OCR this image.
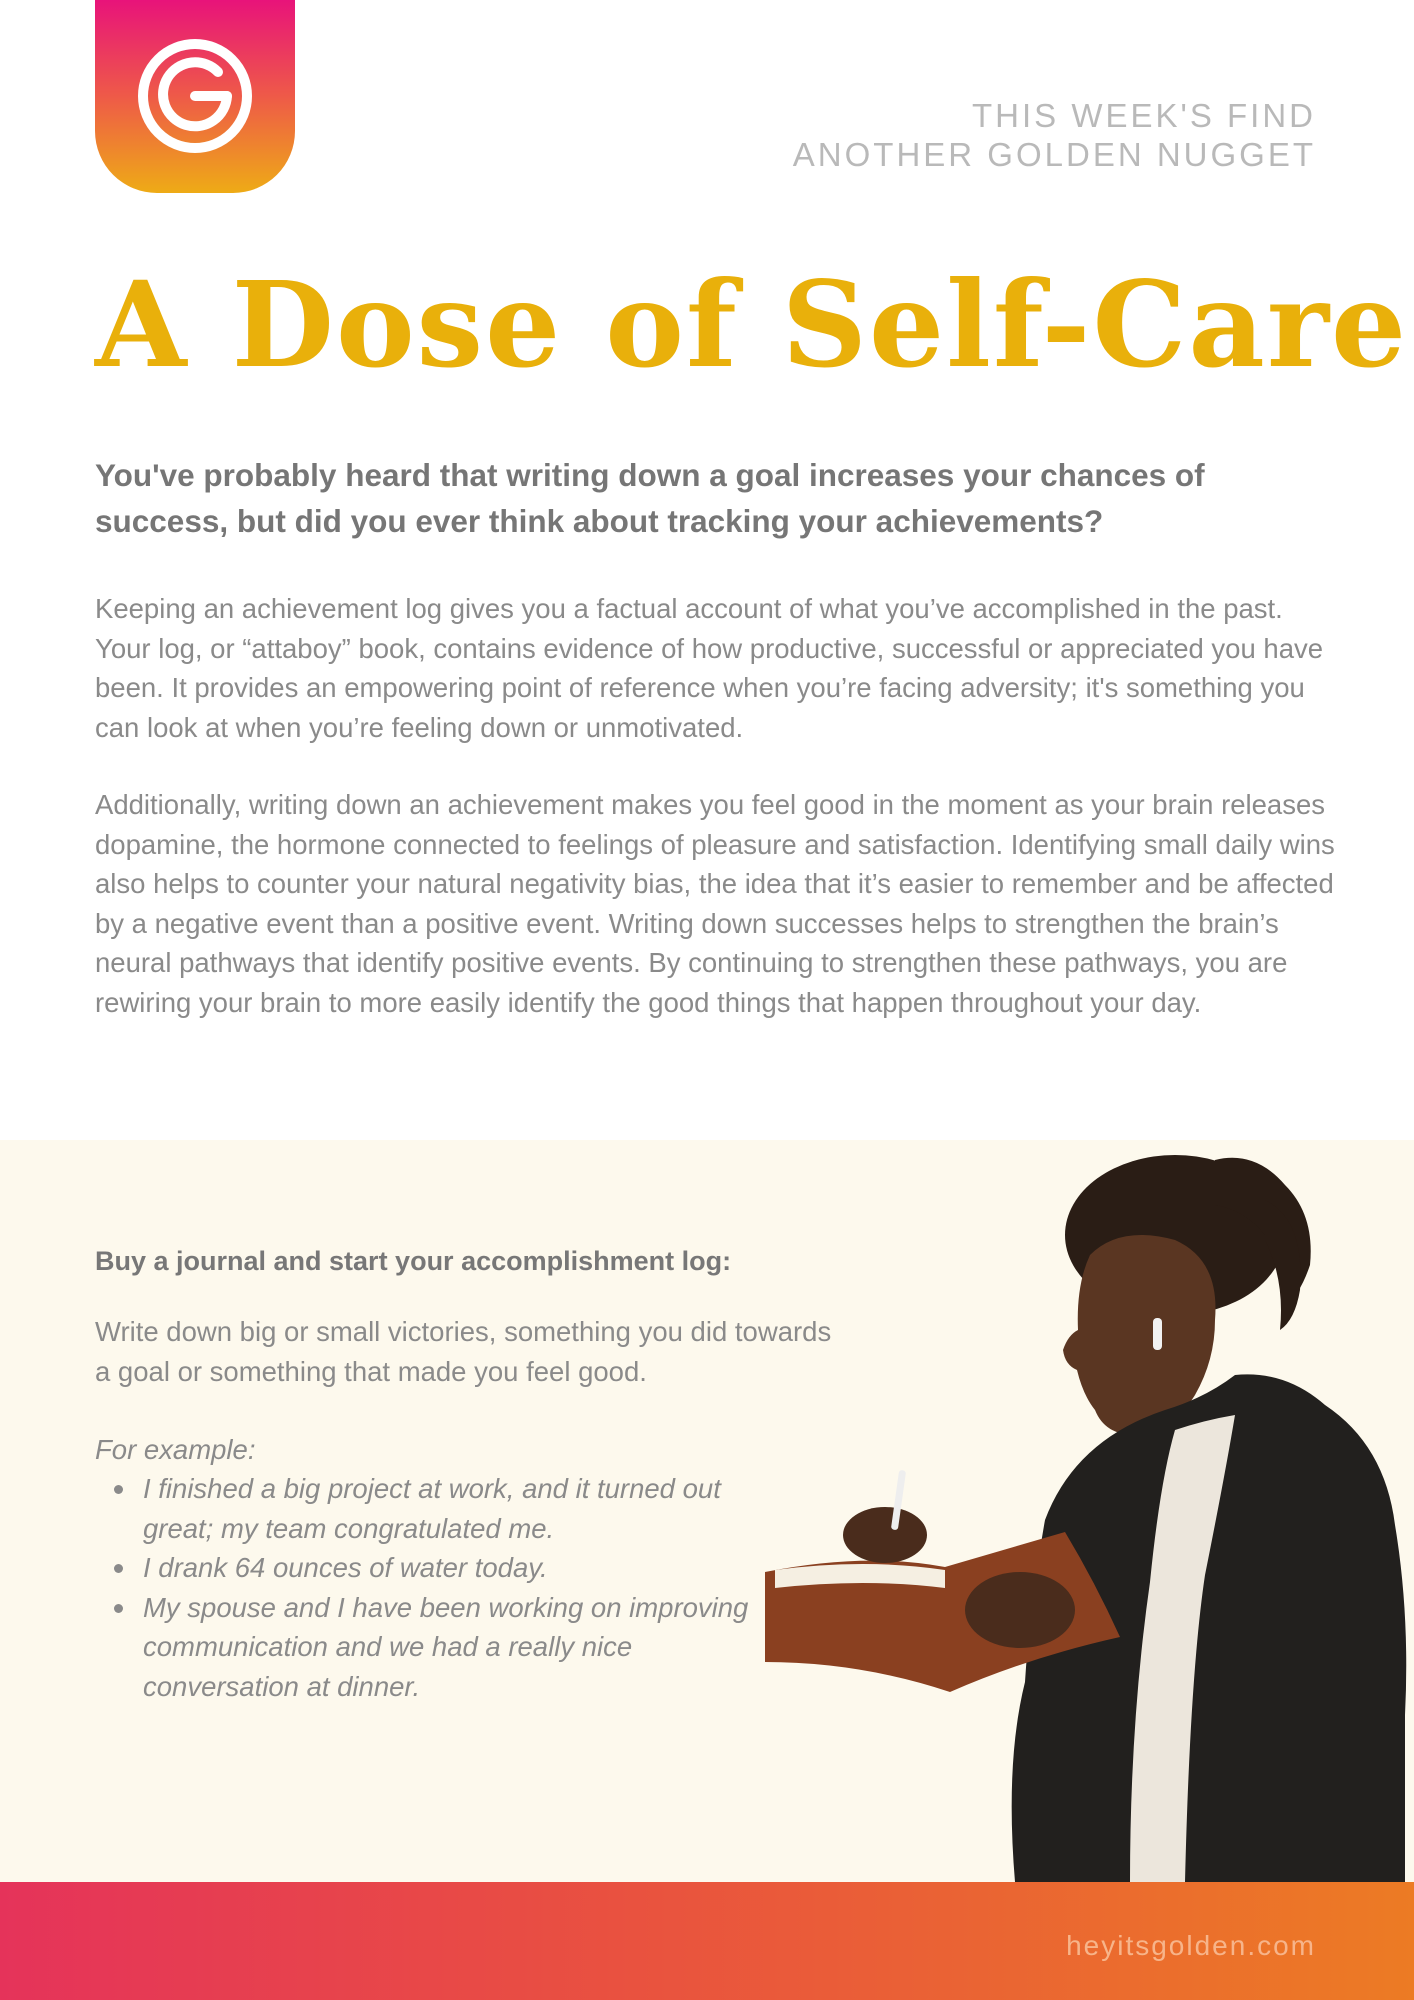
THIS WEEK'S FIND
ANOTHER GOLDEN NUGGET
A Dose of Self-Care

You've probably heard that writing down a goal increases your chances of success, but did you ever think about tracking your achievements?

Keeping an achievement log gives you a factual account of what you’ve accomplished in the past. Your log, or “attaboy” book, contains evidence of how productive, successful or appreciated you have been. It provides an empowering point of reference when you’re facing adversity; it's something you can look at when you’re feeling down or unmotivated.

Additionally, writing down an achievement makes you feel good in the moment as your brain releases dopamine, the hormone connected to feelings of pleasure and satisfaction. Identifying small daily wins also helps to counter your natural negativity bias, the idea that it’s easier to remember and be affected by a negative event than a positive event. Writing down successes helps to strengthen the brain’s neural pathways that identify positive events. By continuing to strengthen these pathways, you are rewiring your brain to more easily identify the good things that happen throughout your day.

Buy a journal and start your accomplishment log:

Write down big or small victories, something you did towards a goal or something that made you feel good.

For example:

I finished a big project at work, and it turned out great; my team congratulated me.
I drank 64 ounces of water today.
My spouse and I have been working on improving communication and we had a really nice conversation at dinner.

heyitsgolden.com
